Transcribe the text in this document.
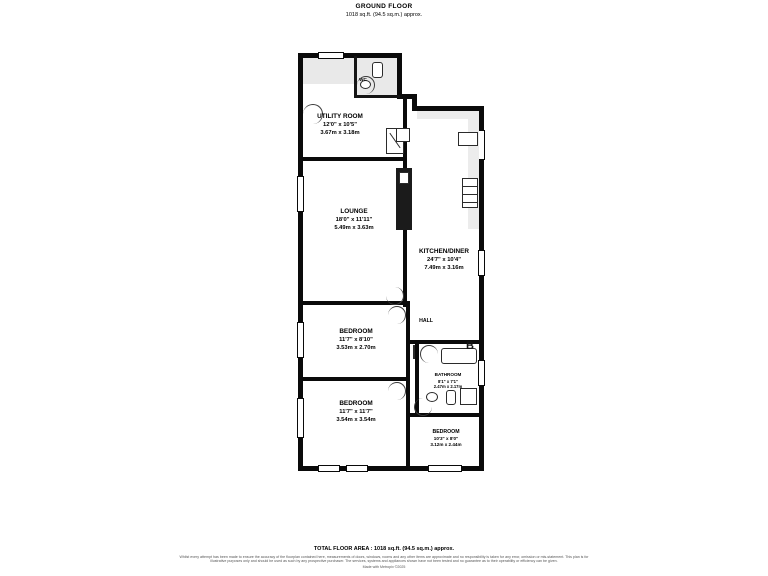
GROUND FLOOR
1018 sq.ft. (94.5 sq.m.) approx.
B
UTILITY ROOM
12'0" x 10'5"
3.67m x 3.18m
WC
LOUNGE
18'0" x 11'11"
5.49m x 3.63m
KITCHEN/DINER
24'7" x 10'4"
7.49m x 3.16m
HALL
BEDROOM
11'7" x 8'10"
3.53m x 2.70m
BEDROOM
11'7" x 11'7"
3.54m x 3.54m
BATHROOM
8'1" x 7'1"
2.47m x 2.17m
BEDROOM
10'3" x 8'0"
3.12m x 2.44m
TOTAL FLOOR AREA : 1018 sq.ft. (94.5 sq.m.) approx.
Whilst every attempt has been made to ensure the accuracy of the floorplan contained here, measurements of doors, windows, rooms and any other items are approximate and no responsibility is taken for any error, omission or mis-statement. This plan is for illustrative purposes only and should be used as such by any prospective purchaser. The services, systems and appliances shown have not been tested and no guarantee as to their operability or efficiency can be given.
Made with Metropix ©2025
